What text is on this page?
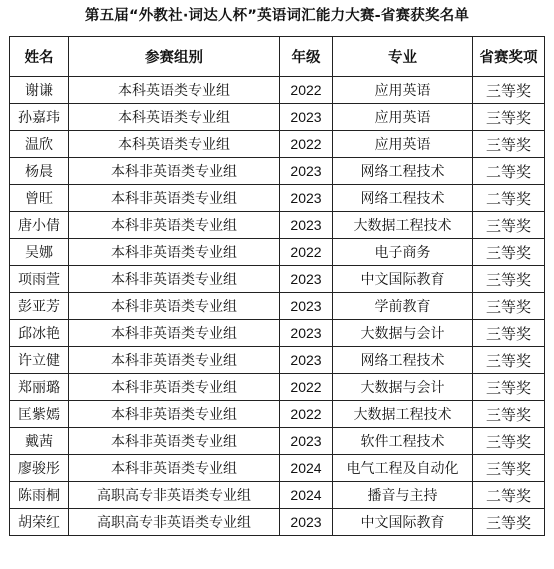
第五届“外教社·词达人杯”英语词汇能力大赛-省赛获奖名单
姓名	参赛组别	年级	专业	省赛奖项
谢谦	本科英语类专业组	2022	应用英语	三等奖
孙嘉玮	本科英语类专业组	2023	应用英语	三等奖
温欣	本科英语类专业组	2022	应用英语	三等奖
杨晨	本科非英语类专业组	2023	网络工程技术	二等奖
曾旺	本科非英语类专业组	2023	网络工程技术	二等奖
唐小倩	本科非英语类专业组	2023	大数据工程技术	三等奖
吴娜	本科非英语类专业组	2022	电子商务	三等奖
项雨萱	本科非英语类专业组	2023	中文国际教育	三等奖
彭亚芳	本科非英语类专业组	2023	学前教育	三等奖
邱冰艳	本科非英语类专业组	2023	大数据与会计	三等奖
许立健	本科非英语类专业组	2023	网络工程技术	三等奖
郑丽璐	本科非英语类专业组	2022	大数据与会计	三等奖
匡紫嫣	本科非英语类专业组	2022	大数据工程技术	三等奖
戴茜	本科非英语类专业组	2023	软件工程技术	三等奖
廖骏彤	本科非英语类专业组	2024	电气工程及自动化	三等奖
陈雨桐	高职高专非英语类专业组	2024	播音与主持	二等奖
胡荣红	高职高专非英语类专业组	2023	中文国际教育	三等奖
